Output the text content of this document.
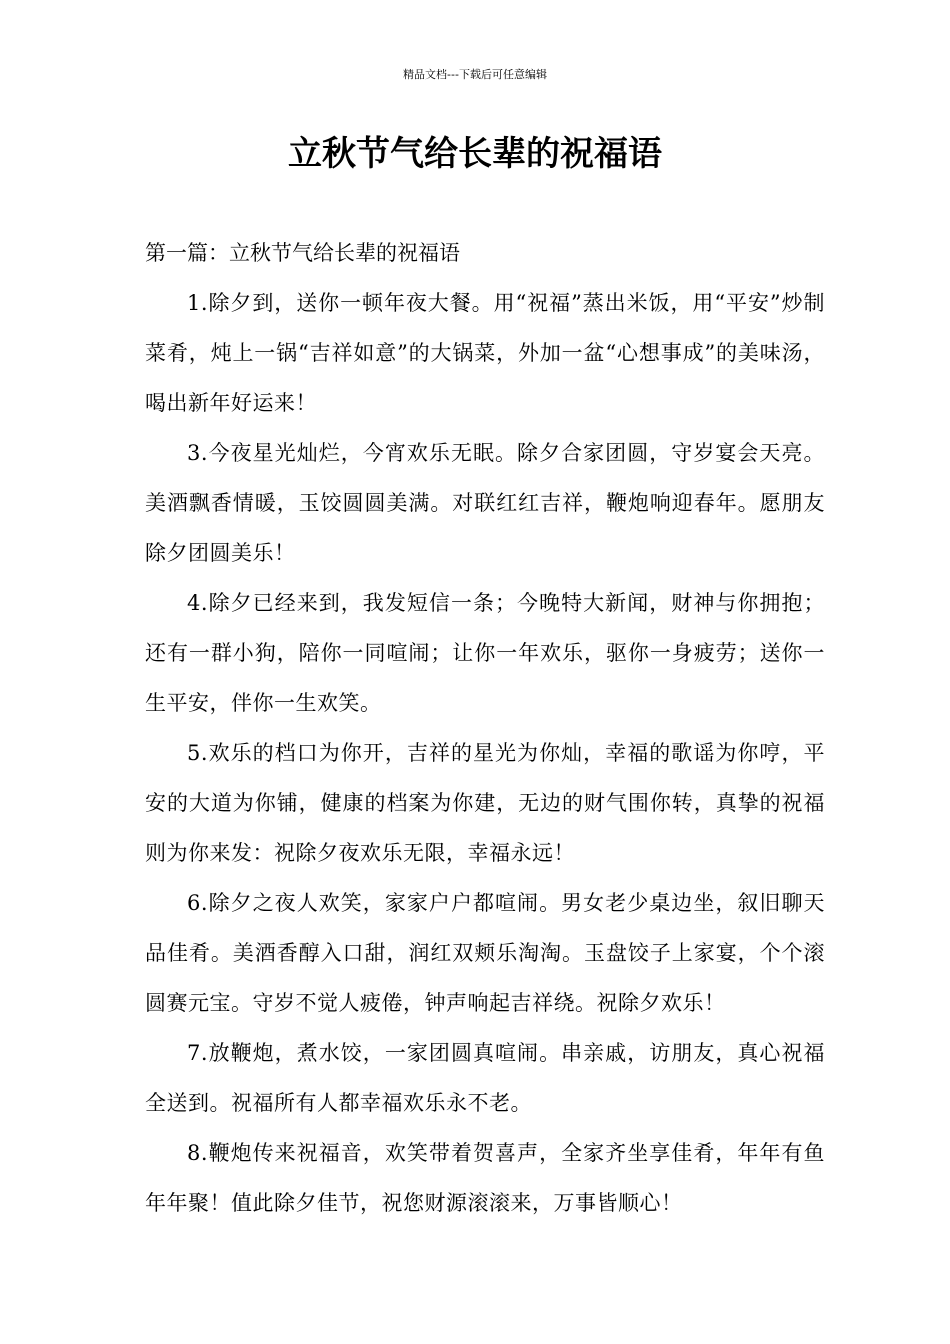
精品文档---下载后可任意编辑
立秋节气给长辈的祝福语

第一篇：立秋节气给长辈的祝福语

1.除夕到，送你一顿年夜大餐。用“祝福”蒸出米饭，用“平安”炒制菜肴，炖上一锅“吉祥如意”的大锅菜，外加一盆“心想事成”的美味汤，喝出新年好运来！

3.今夜星光灿烂，今宵欢乐无眠。除夕合家团圆，守岁宴会天亮。美酒飘香情暖，玉饺圆圆美满。对联红红吉祥，鞭炮响迎春年。愿朋友除夕团圆美乐！

4.除夕已经来到，我发短信一条；今晚特大新闻，财神与你拥抱；还有一群小狗，陪你一同喧闹；让你一年欢乐，驱你一身疲劳；送你一生平安，伴你一生欢笑。

5.欢乐的档口为你开，吉祥的星光为你灿，幸福的歌谣为你哼，平安的大道为你铺，健康的档案为你建，无边的财气围你转，真挚的祝福则为你来发：祝除夕夜欢乐无限，幸福永远！

6.除夕之夜人欢笑，家家户户都喧闹。男女老少桌边坐，叙旧聊天品佳肴。美酒香醇入口甜，润红双颊乐淘淘。玉盘饺子上家宴，个个滚圆赛元宝。守岁不觉人疲倦，钟声响起吉祥绕。祝除夕欢乐！

7.放鞭炮，煮水饺，一家团圆真喧闹。串亲戚，访朋友，真心祝福全送到。祝福所有人都幸福欢乐永不老。

8.鞭炮传来祝福音，欢笑带着贺喜声，全家齐坐享佳肴，年年有鱼年年聚！值此除夕佳节，祝您财源滚滚来，万事皆顺心！
